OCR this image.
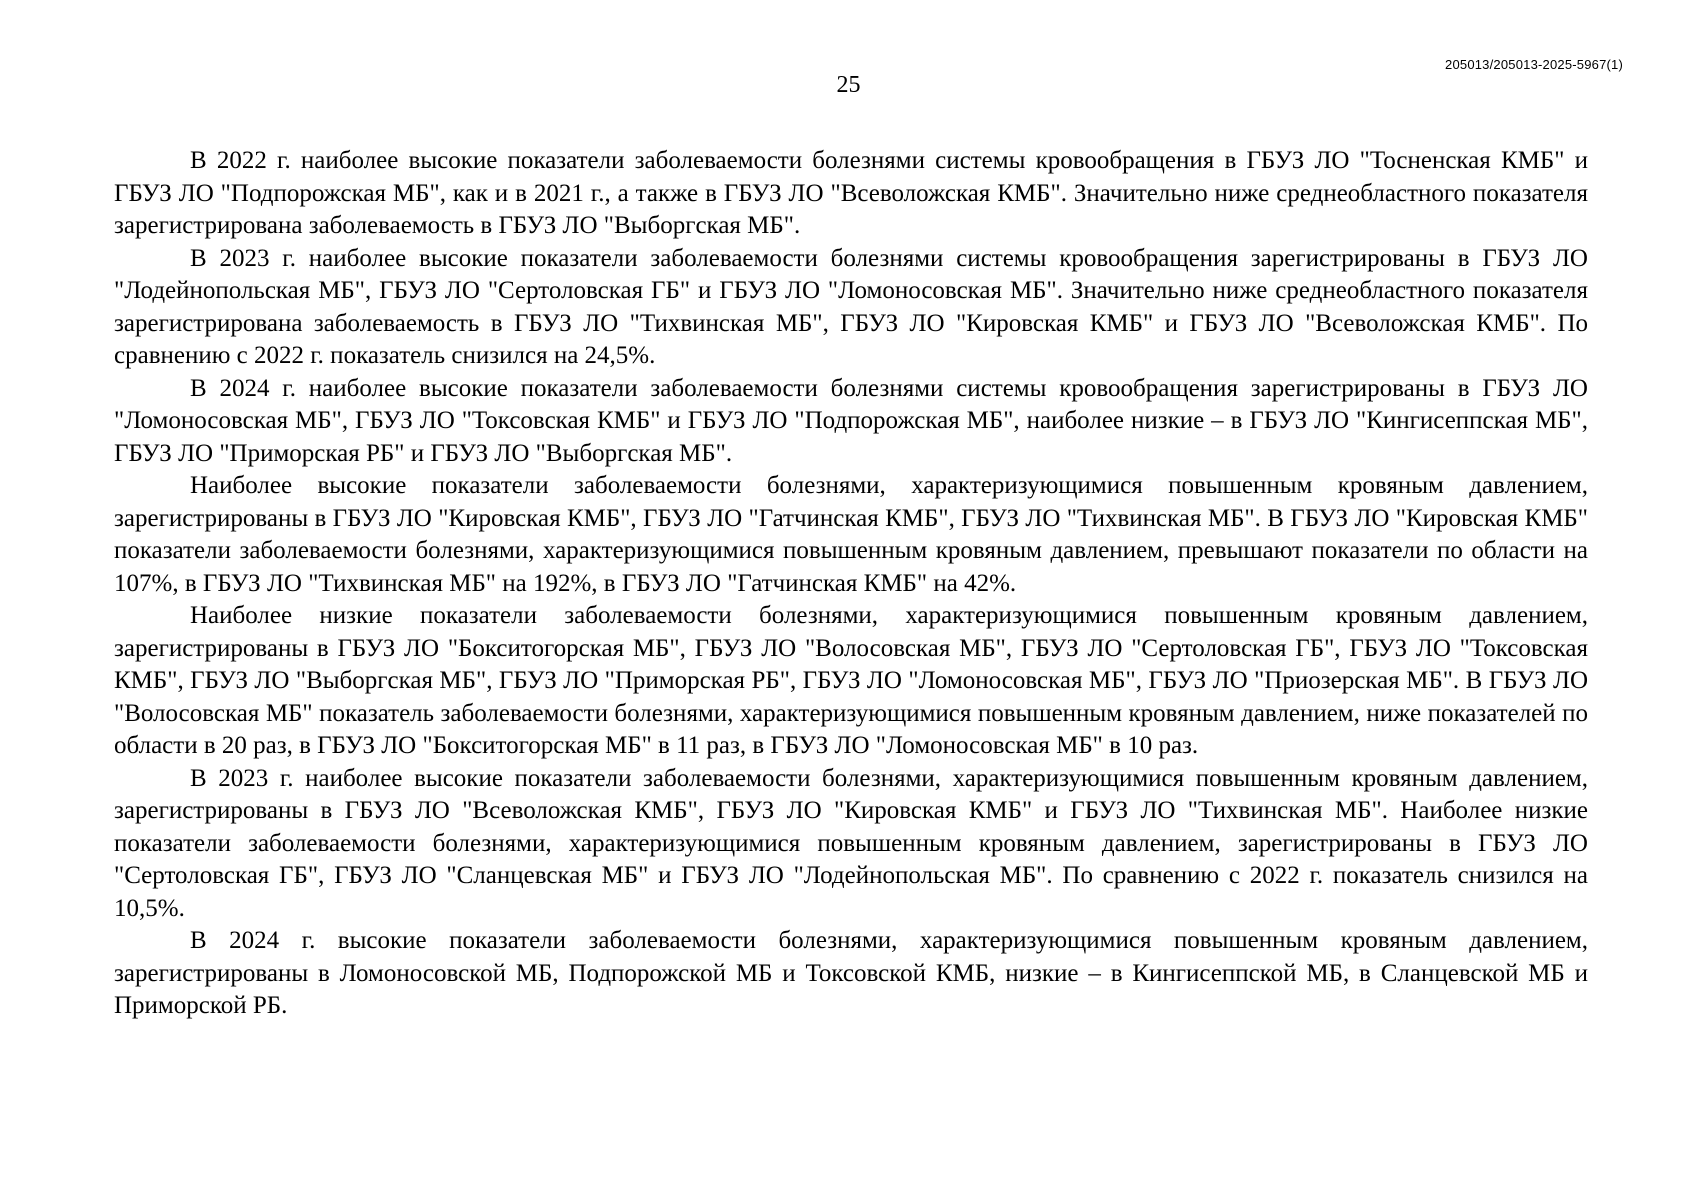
205013/205013-2025-5967(1)
25

В 2022 г. наиболее высокие показатели заболеваемости болезнями системы кровообращения в ГБУЗ ЛО "Тосненская КМБ" и ГБУЗ ЛО "Подпорожская МБ", как и в 2021 г., а также в ГБУЗ ЛО "Всеволожская КМБ". Значительно ниже среднеобластного показателя зарегистрирована заболеваемость в ГБУЗ ЛО "Выборгская МБ".

В 2023 г. наиболее высокие показатели заболеваемости болезнями системы кровообращения зарегистрированы в ГБУЗ ЛО "Лодейнопольская МБ", ГБУЗ ЛО "Сертоловская ГБ" и ГБУЗ ЛО "Ломоносовская МБ". Значительно ниже среднеобластного показателя зарегистрирована заболеваемость в ГБУЗ ЛО "Тихвинская МБ", ГБУЗ ЛО "Кировская КМБ" и ГБУЗ ЛО "Всеволожская КМБ". По сравнению с 2022 г. показатель снизился на 24,5%.

В 2024 г. наиболее высокие показатели заболеваемости болезнями системы кровообращения зарегистрированы в ГБУЗ ЛО "Ломоносовская МБ", ГБУЗ ЛО "Токсовская КМБ" и ГБУЗ ЛО "Подпорожская МБ", наиболее низкие – в ГБУЗ ЛО "Кингисеппская МБ", ГБУЗ ЛО "Приморская РБ" и ГБУЗ ЛО "Выборгская МБ".

Наиболее высокие показатели заболеваемости болезнями, характеризующимися повышенным кровяным давлением, зарегистрированы в ГБУЗ ЛО "Кировская КМБ", ГБУЗ ЛО "Гатчинская КМБ", ГБУЗ ЛО "Тихвинская МБ". В ГБУЗ ЛО "Кировская КМБ" показатели заболеваемости болезнями, характеризующимися повышенным кровяным давлением, превышают показатели по области на 107%, в ГБУЗ ЛО "Тихвинская МБ" на 192%, в ГБУЗ ЛО "Гатчинская КМБ" на 42%.

Наиболее низкие показатели заболеваемости болезнями, характеризующимися повышенным кровяным давлением, зарегистрированы в ГБУЗ ЛО "Бокситогорская МБ", ГБУЗ ЛО "Волосовская МБ", ГБУЗ ЛО "Сертоловская ГБ", ГБУЗ ЛО "Токсовская КМБ", ГБУЗ ЛО "Выборгская МБ", ГБУЗ ЛО "Приморская РБ", ГБУЗ ЛО "Ломоносовская МБ", ГБУЗ ЛО "Приозерская МБ". В ГБУЗ ЛО "Волосовская МБ" показатель заболеваемости болезнями, характеризующимися повышенным кровяным давлением, ниже показателей по области в 20 раз, в ГБУЗ ЛО "Бокситогорская МБ" в 11 раз, в ГБУЗ ЛО "Ломоносовская МБ" в 10 раз.

В 2023 г. наиболее высокие показатели заболеваемости болезнями, характеризующимися повышенным кровяным давлением, зарегистрированы в ГБУЗ ЛО "Всеволожская КМБ", ГБУЗ ЛО "Кировская КМБ" и ГБУЗ ЛО "Тихвинская МБ". Наиболее низкие показатели заболеваемости болезнями, характеризующимися повышенным кровяным давлением, зарегистрированы в ГБУЗ ЛО "Сертоловская ГБ", ГБУЗ ЛО "Сланцевская МБ" и ГБУЗ ЛО "Лодейнопольская МБ". По сравнению с 2022 г. показатель снизился на 10,5%.

В 2024 г. высокие показатели заболеваемости болезнями, характеризующимися повышенным кровяным давлением, зарегистрированы в Ломоносовской МБ, Подпорожской МБ и Токсовской КМБ, низкие – в Кингисеппской МБ, в Сланцевской МБ и Приморской РБ.
